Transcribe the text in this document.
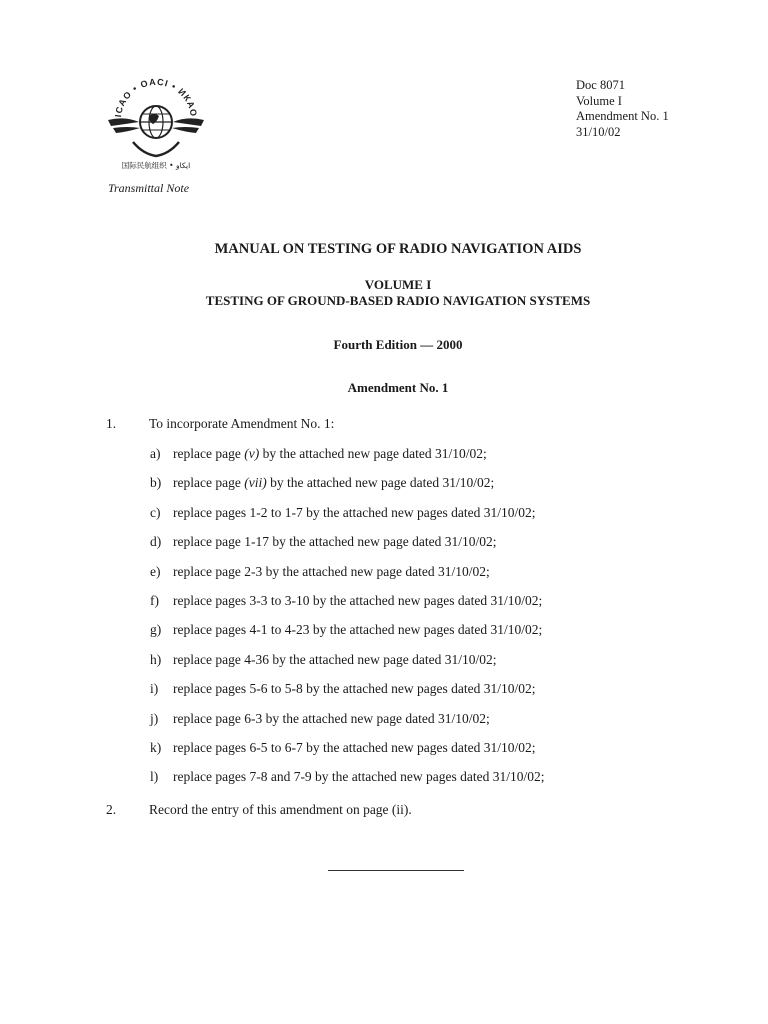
ICAO • OACI • ИКАО
国际民航组织 • ايكاو
Doc 8071
Volume I
Amendment No. 1
31/10/02
Transmittal Note
MANUAL ON TESTING OF RADIO NAVIGATION AIDS
VOLUME I
TESTING OF GROUND-BASED RADIO NAVIGATION SYSTEMS
Fourth Edition — 2000
Amendment No. 1
1. To incorporate Amendment No. 1:
a) replace page (v) by the attached new page dated 31/10/02;
b) replace page (vii) by the attached new page dated 31/10/02;
c) replace pages 1-2 to 1-7 by the attached new pages dated 31/10/02;
d) replace page 1-17 by the attached new page dated 31/10/02;
e) replace page 2-3 by the attached new page dated 31/10/02;
f) replace pages 3-3 to 3-10 by the attached new pages dated 31/10/02;
g) replace pages 4-1 to 4-23 by the attached new pages dated 31/10/02;
h) replace page 4-36 by the attached new page dated 31/10/02;
i) replace pages 5-6 to 5-8 by the attached new pages dated 31/10/02;
j) replace page 6-3 by the attached new page dated 31/10/02;
k) replace pages 6-5 to 6-7 by the attached new pages dated 31/10/02;
l) replace pages 7-8 and 7-9 by the attached new pages dated 31/10/02;
2. Record the entry of this amendment on page (ii).
